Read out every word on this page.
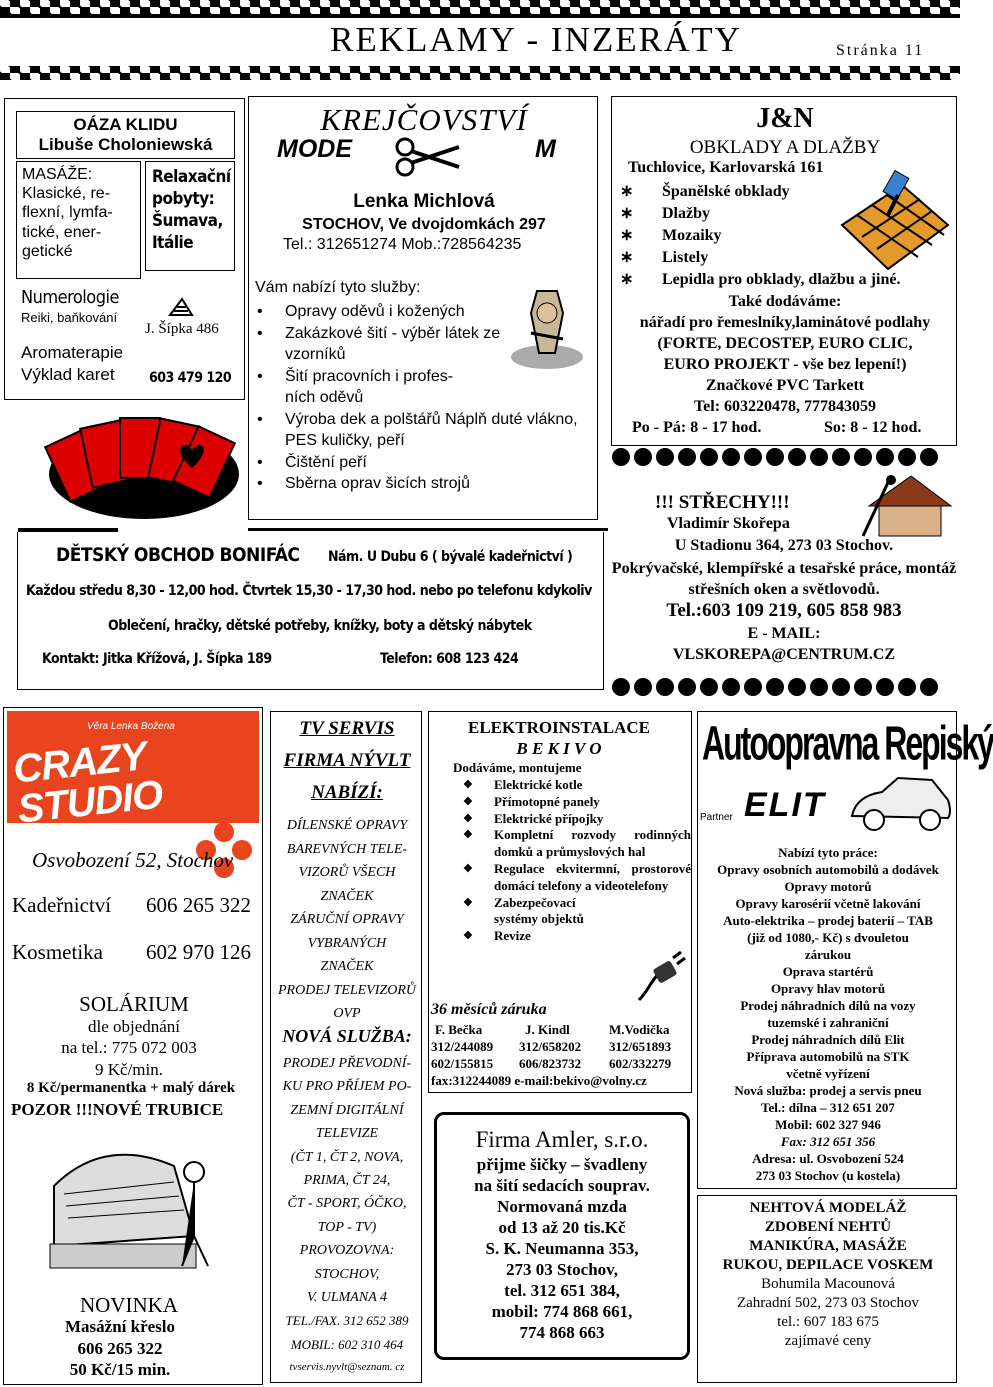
REKLAMY - INZERÁTY	Stránka 11
OÁZA KLIDU
Libuše Choloniewská
MASÁŽE:
Klasické, re-
flexní, lymfa-
tické, ener-
getické
Relaxační
pobyty:
Šumava,
Itálie
Numerologie
Reiki, baňkování
Aromaterapie
Výklad karet
J. Šípka 486
603 479 120
KREJČOVSTVÍ
MODE	M
Lenka Michlová
STOCHOV, Ve dvojdomkách 297
Tel.: 312651274 Mob.:728564235
Vám nabízí tyto služby:
• Opravy oděvů i kožených
• Zakázkové šití - výběr látek ze vzorníků
• Šití pracovních i profes- ních oděvů
• Výroba dek a polštářů Náplň duté vlákno, PES kuličky, peří
• Čištění peří
• Sběrna oprav šicích strojů
J&N
OBKLADY A DLAŽBY
Tuchlovice, Karlovarská 161
∗ Španělské obklady
∗ Dlažby
∗ Mozaiky
∗ Listely
∗ Lepidla pro obklady, dlažbu a jiné.
Také dodáváme:
nářadí pro řemeslníky,laminátové podlahy
(FORTE, DECOSTEP, EURO CLIC,
EURO PROJEKT - vše bez lepení!)
Značkové PVC Tarkett
Tel: 603220478, 777843059
Po - Pá: 8 - 17 hod.	So: 8 - 12 hod.
!!! STŘECHY!!!
Vladimír Skořepa
U Stadionu 364, 273 03 Stochov.
Pokrývačské, klempířské a tesařské práce, montáž střešních oken a světlovodů.
Tel.:603 109 219, 605 858 983
E - MAIL:
VLSKOREPA@CENTRUM.CZ
DĚTSKÝ OBCHOD BONIFÁC Nám. U Dubu 6 ( bývalé kadeřnictví )
Každou středu 8,30 - 12,00 hod. Čtvrtek 15,30 - 17,30 hod. nebo po telefonu kdykoliv
Oblečení, hračky, dětské potřeby, knížky, boty a dětský nábytek
Kontakt: Jitka Křížová, J. Šípka 189	Telefon: 608 123 424
Věra Lenka Božena
CRAZY STUDIO
Osvobození 52, Stochov
Kadeřnictví 606 265 322
Kosmetika 602 970 126
SOLÁRIUM
dle objednání
na tel.: 775 072 003
9 Kč/min.
8 Kč/permanentka + malý dárek
POZOR !!!NOVÉ TRUBICE
NOVINKA
Masážní křeslo
606 265 322
50 Kč/15 min.
TV SERVIS
FIRMA NÝVLT
NABÍZÍ:
DÍLENSKÉ OPRAVY
BAREVNÝCH TELE-
VIZORŮ VŠECH
ZNAČEK
ZÁRUČNÍ OPRAVY
VYBRANÝCH
ZNAČEK
PRODEJ TELEVIZORŮ
OVP
NOVÁ SLUŽBA:
PRODEJ PŘEVODNÍ-
KU PRO PŘÍJEM PO-
ZEMNÍ DIGITÁLNÍ
TELEVIZE
(ČT 1, ČT 2, NOVA,
PRIMA, ČT 24,
ČT - SPORT, ÓČKO,
TOP - TV)
PROVOZOVNA:
STOCHOV,
V. ULMANA 4
TEL./FAX. 312 652 389
MOBIL: 602 310 464
tvservis.nyvlt@seznam. cz
ELEKTROINSTALACE
B E K I V O
Dodáváme, montujeme
❖ Elektrické kotle
❖ Přímotopné panely
❖ Elektrické přípojky
❖ Kompletní rozvody rodinných domků a průmyslových hal
❖ Regulace ekvitermní, prostorové domácí telefony a videotelefony
❖ Zabezpečovací systémy objektů
❖ Revize
36 měsíců záruka
F. Bečka	J. Kindl	M.Vodička
312/244089 312/658202 312/651893
602/155815 606/823732 602/332279
fax:312244089 e-mail:bekivo@volny.cz
Firma Amler, s.r.o.
přijme šičky – švadleny
na šití sedacích souprav.
Normovaná mzda
od 13 až 20 tis.Kč
S. K. Neumanna 353,
273 03 Stochov,
tel. 312 651 384,
mobil: 774 868 661,
774 868 663
Autoopravna Repiský
Partner ELIT
Nabízí tyto práce:
Opravy osobních automobilů a dodávek
Opravy motorů
Opravy karosérií včetně lakování
Auto-elektrika – prodej baterií – TAB
(již od 1080,- Kč) s dvouletou
zárukou
Oprava startérů
Opravy hlav motorů
Prodej náhradních dílů na vozy
tuzemské i zahraniční
Prodej náhradních dílů Elit
Příprava automobilů na STK
včetně vyřízení
Nová služba: prodej a servis pneu
Tel.: dílna – 312 651 207
Mobil: 602 327 946
Fax: 312 651 356
Adresa: ul. Osvobození 524
273 03 Stochov (u kostela)
NEHTOVÁ MODELÁŽ
ZDOBENÍ NEHTŮ
MANIKÚRA, MASÁŽE
RUKOU, DEPILACE VOSKEM
Bohumila Macounová
Zahradní 502, 273 03 Stochov
tel.: 607 183 675
zajímavé ceny
